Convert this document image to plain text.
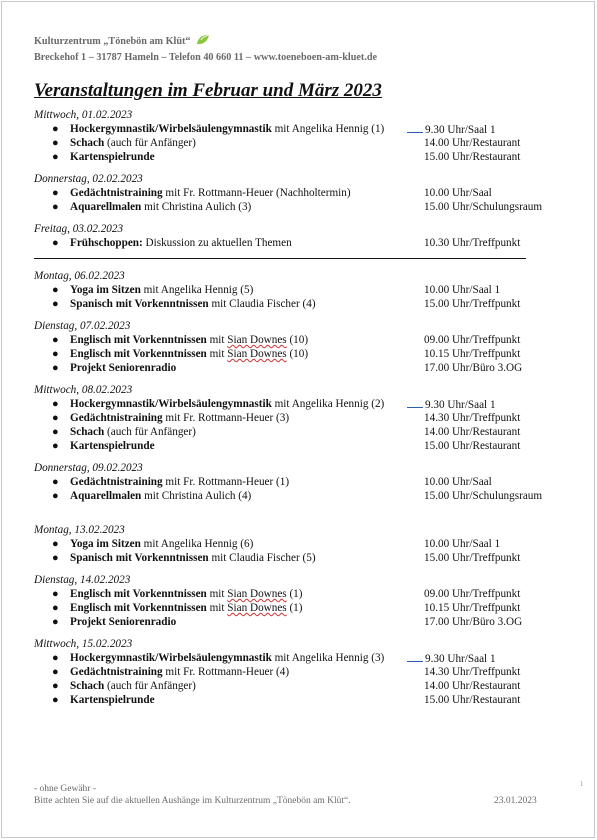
Kulturzentrum „Tönebön am Klüt“
Breckehof 1 – 31787 Hameln – Telefon 40 660 11 – www.toeneboen-am-kluet.de
Veranstaltungen im Februar und März 2023
Mittwoch, 01.02.2023
● Hockergymnastik/Wirbelsäulengymnastik mit Angelika Hennig (1)	9.30 Uhr/Saal 1
● Schach (auch für Anfänger)	14.00 Uhr/Restaurant
● Kartenspielrunde	15.00 Uhr/Restaurant
Donnerstag, 02.02.2023
● Gedächtnistraining mit Fr. Rottmann-Heuer (Nachholtermin)	10.00 Uhr/Saal
● Aquarellmalen mit Christina Aulich (3)	15.00 Uhr/Schulungsraum
Freitag, 03.02.2023
● Frühschoppen: Diskussion zu aktuellen Themen	10.30 Uhr/Treffpunkt
Montag, 06.02.2023
● Yoga im Sitzen mit Angelika Hennig (5)	10.00 Uhr/Saal 1
● Spanisch mit Vorkenntnissen mit Claudia Fischer (4)	15.00 Uhr/Treffpunkt
Dienstag, 07.02.2023
● Englisch mit Vorkenntnissen mit Sian Downes (10)	09.00 Uhr/Treffpunkt
● Englisch mit Vorkenntnissen mit Sian Downes (10)	10.15 Uhr/Treffpunkt
● Projekt Seniorenradio	17.00 Uhr/Büro 3.OG
Mittwoch, 08.02.2023
● Hockergymnastik/Wirbelsäulengymnastik mit Angelika Hennig (2)	9.30 Uhr/Saal 1
● Gedächtnistraining mit Fr. Rottmann-Heuer (3)	14.30 Uhr/Treffpunkt
● Schach (auch für Anfänger)	14.00 Uhr/Restaurant
● Kartenspielrunde	15.00 Uhr/Restaurant
Donnerstag, 09.02.2023
● Gedächtnistraining mit Fr. Rottmann-Heuer (1)	10.00 Uhr/Saal
● Aquarellmalen mit Christina Aulich (4)	15.00 Uhr/Schulungsraum
Montag, 13.02.2023
● Yoga im Sitzen mit Angelika Hennig (6)	10.00 Uhr/Saal 1
● Spanisch mit Vorkenntnissen mit Claudia Fischer (5)	15.00 Uhr/Treffpunkt
Dienstag, 14.02.2023
● Englisch mit Vorkenntnissen mit Sian Downes (1)	09.00 Uhr/Treffpunkt
● Englisch mit Vorkenntnissen mit Sian Downes (1)	10.15 Uhr/Treffpunkt
● Projekt Seniorenradio	17.00 Uhr/Büro 3.OG
Mittwoch, 15.02.2023
● Hockergymnastik/Wirbelsäulengymnastik mit Angelika Hennig (3)	9.30 Uhr/Saal 1
● Gedächtnistraining mit Fr. Rottmann-Heuer (4)	14.30 Uhr/Treffpunkt
● Schach (auch für Anfänger)	14.00 Uhr/Restaurant
● Kartenspielrunde	15.00 Uhr/Restaurant
- ohne Gewähr -
Bitte achten Sie auf die aktuellen Aushänge im Kulturzentrum „Tönebön am Klüt“.	23.01.2023
1
